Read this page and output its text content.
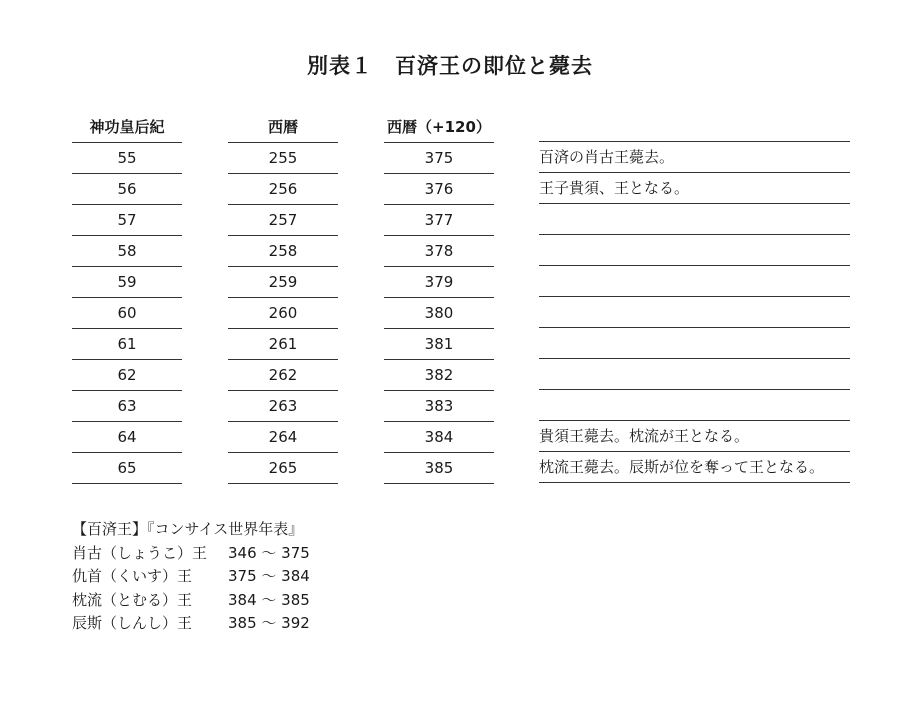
別表１ 百済王の即位と薨去
神功皇后紀
55
56
57
58
59
60
61
62
63
64
65
西暦
255
256
257
258
259
260
261
262
263
264
265
西暦（+120）
375
376
377
378
379
380
381
382
383
384
385
百済の肖古王薨去。
王子貴須、王となる。
貴須王薨去。枕流が王となる。
枕流王薨去。辰斯が位を奪って王となる。
【百済王】『コンサイス世界年表』
肖古（しょうこ）王 346 ～ 375
仇首（くいす）王 375 ～ 384
枕流（とむる）王 384 ～ 385
辰斯（しんし）王 385 ～ 392
